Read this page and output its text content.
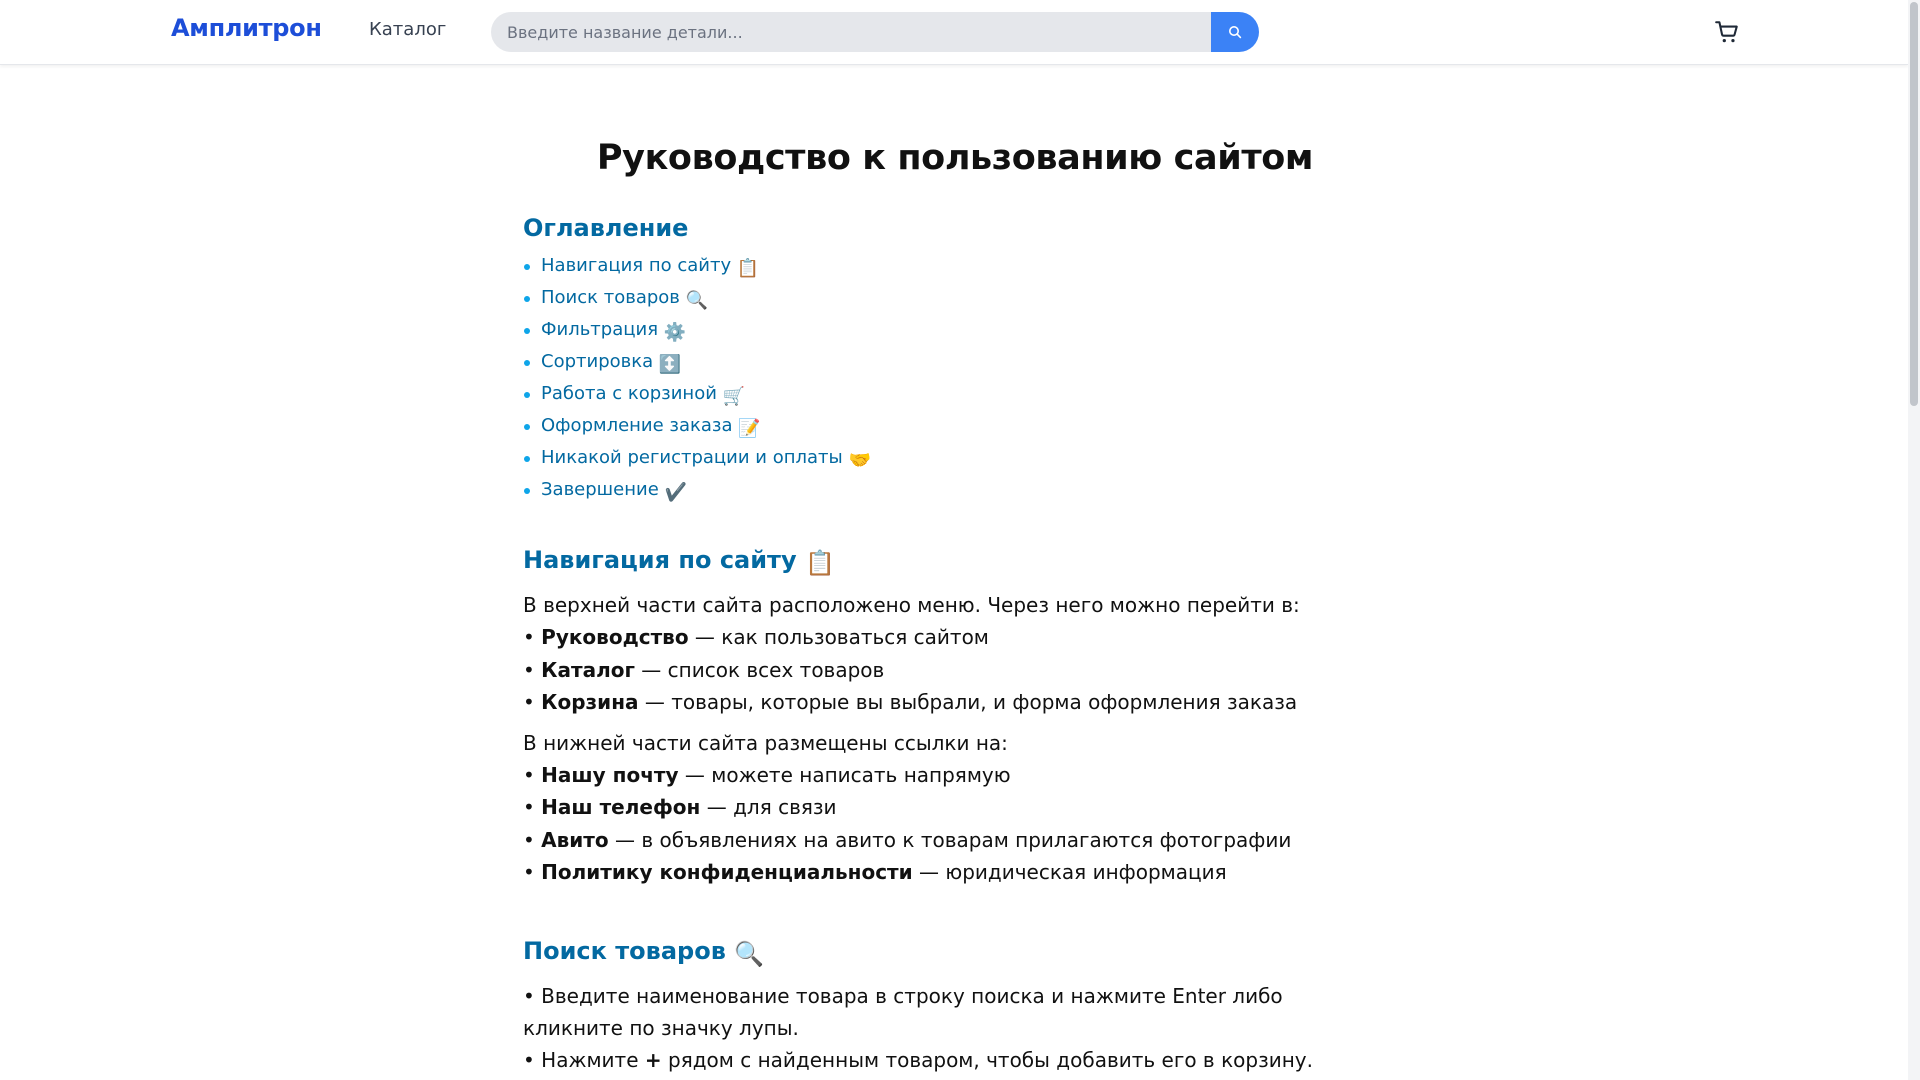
Амплитрон	Каталог
Введите название детали...
Руководство к пользованию сайтом
Оглавление
Навигация по сайту 📋
Поиск товаров 🔍
Фильтрация ⚙️
Сортировка ↕️
Работа с корзиной 🛒
Оформление заказа 📝
Никакой регистрации и оплаты 🤝
Завершение ✔️
Навигация по сайту 📋

В верхней части сайта расположено меню. Через него можно перейти в:

• Руководство — как пользоваться сайтом
• Каталог — список всех товаров
• Корзина — товары, которые вы выбрали, и форма оформления заказа

В нижней части сайта размещены ссылки на:

• Нашу почту — можете написать напрямую
• Наш телефон — для связи
• Авито — в объявлениях на авито к товарам прилагаются фотографии
• Политику конфиденциальности — юридическая информация
Поиск товаров 🔍

• Введите наименование товара в строку поиска и нажмите Enter либо кликните по значку лупы.

• Нажмите + рядом с найденным товаром, чтобы добавить его в корзину.
